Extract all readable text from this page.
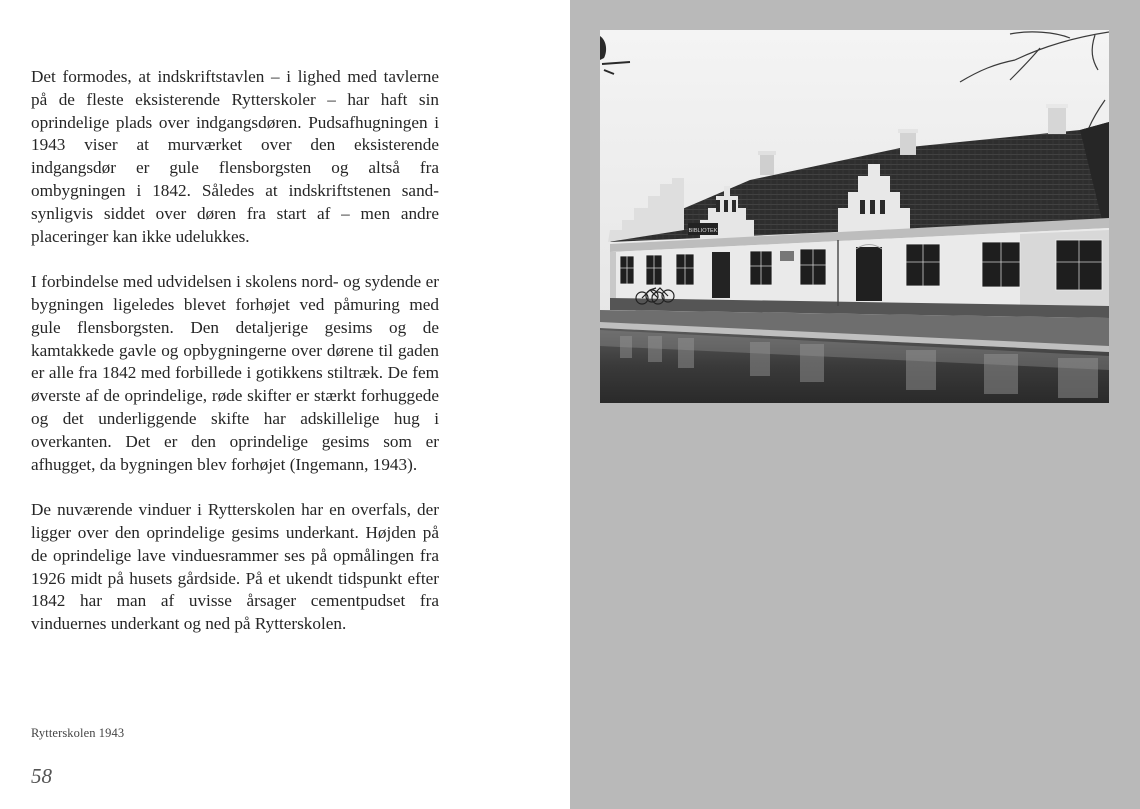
Det formodes, at indskriftstavlen – i lighed med tavlerne på de fleste eksisterende Rytterskoler – har haft sin oprindelige plads over indgangsdøren. Pudsafhugningen i 1943 viser at murværket over den eksisterende indgangsdør er gule flensborgsten og altså fra ombygningen i 1842. Således at indskriftstenen sandsynligvis siddet over døren fra start af – men andre placeringer kan ikke udelukkes.

I forbindelse med udvidelsen i skolens nord- og sydende er bygningen ligeledes blevet forhøjet ved påmuring med gule flensborgsten. Den detaljerige gesims og de kamtakkede gavle og opbygningerne over dørene til gaden er alle fra 1842 med forbillede i gotikkens stiltræk. De fem øverste af de oprindelige, røde skifter er stærkt forhuggede og det underliggende skifte har adskillelige hug i overkanten. Det er den oprindelige gesims som er afhugget, da bygningen blev forhøjet (Ingemann, 1943).

De nuværende vinduer i Rytterskolen har en overfals, der ligger over den oprindelige gesims underkant. Højden på de oprindelige lave vinduesrammer ses på opmålingen fra 1926 midt på husets gårdside. På et ukendt tidspunkt efter 1842 har man af uvisse årsager cementpudset fra vinduernes underkant og ned på Rytterskolen.

Rytterskolen 1943
58
BIBLIOTEK
